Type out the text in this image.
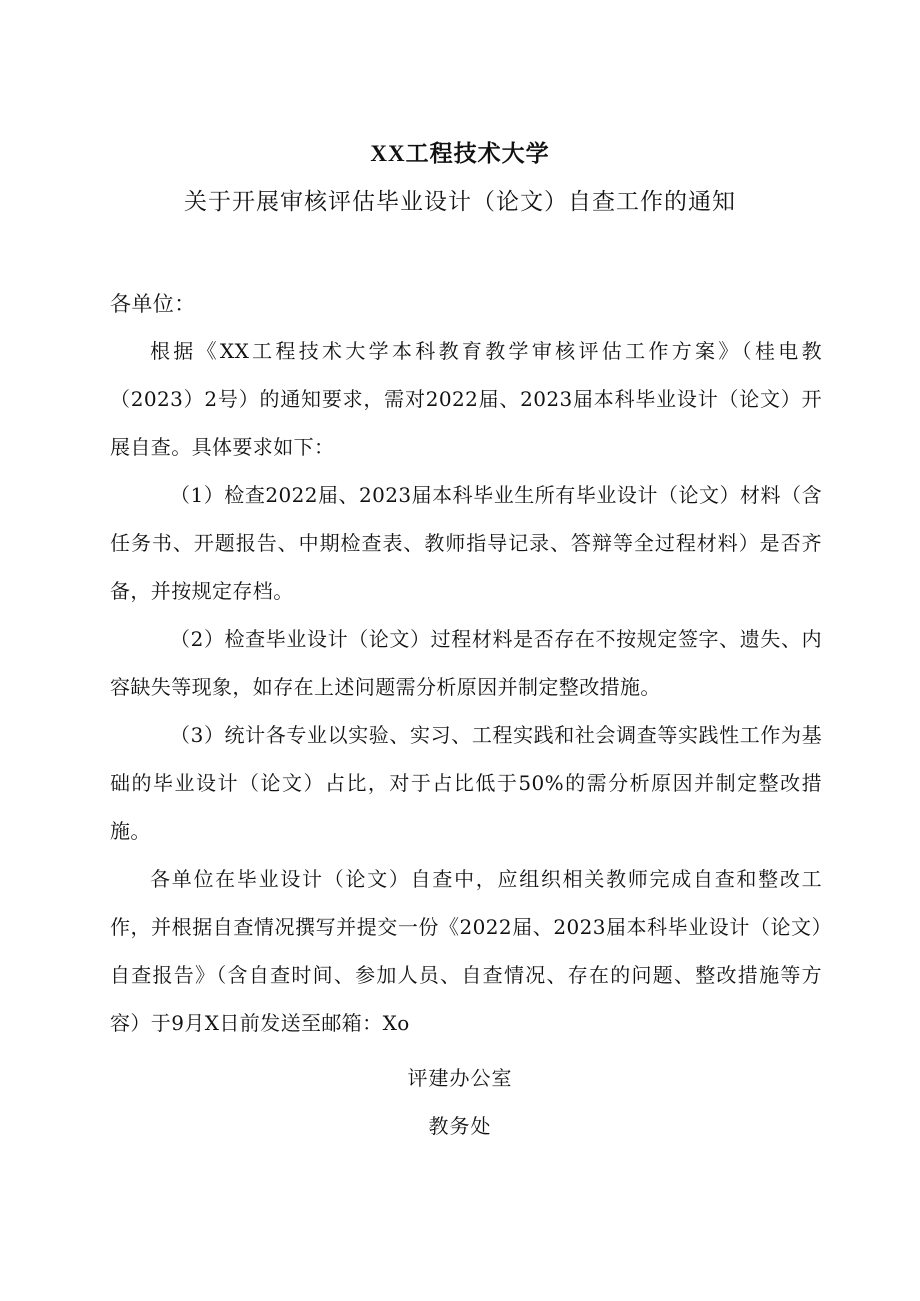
XX工程技术大学
关于开展审核评估毕业设计（论文）自查工作的通知
各单位：
根据《XX工程技术大学本科教育教学审核评估工作方案》（桂电教（2023）2号）的通知要求，需对2022届、2023届本科毕业设计（论文）开展自查。具体要求如下：
（1）检查2022届、2023届本科毕业生所有毕业设计（论文）材料（含任务书、开题报告、中期检查表、教师指导记录、答辩等全过程材料）是否齐备，并按规定存档。
（2）检查毕业设计（论文）过程材料是否存在不按规定签字、遗失、内容缺失等现象，如存在上述问题需分析原因并制定整改措施。
（3）统计各专业以实验、实习、工程实践和社会调查等实践性工作为基础的毕业设计（论文）占比，对于占比低于50%的需分析原因并制定整改措施。
各单位在毕业设计（论文）自查中，应组织相关教师完成自查和整改工作，并根据自查情况撰写并提交一份《2022届、2023届本科毕业设计（论文）自查报告》（含自查时间、参加人员、自查情况、存在的问题、整改措施等方容）于9月X日前发送至邮箱：Xo
评建办公室
教务处
